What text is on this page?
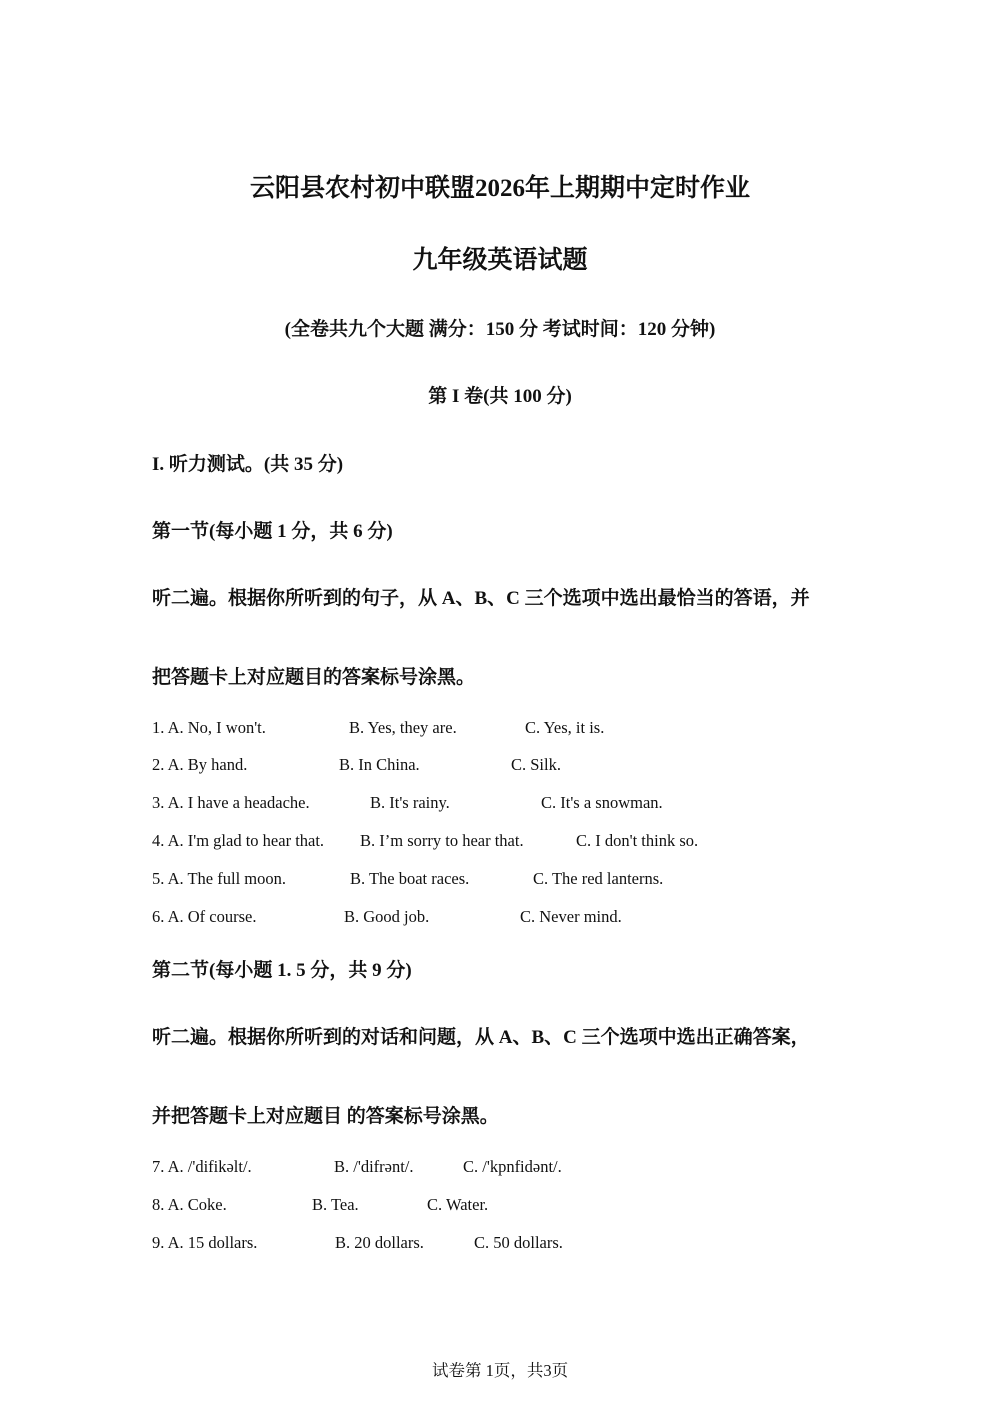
云阳县农村初中联盟2026年上期期中定时作业
九年级英语试题
(全卷共九个大题 满分：150 分 考试时间：120 分钟)
第 I 卷(共 100 分)
I. 听力测试。(共 35 分)
第一节(每小题 1 分，共 6 分)
听二遍。根据你所听到的句子，从 A、B、C 三个选项中选出最恰当的答语，并
把答题卡上对应题目的答案标号涂黑。
1. A. No, I won't.	B. Yes, they are.	C. Yes, it is.
2. A. By hand.	B. In China.	C. Silk.
3. A. I have a headache.	B. It's rainy.	C. It's a snowman.
4. A. I'm glad to hear that. B. I’m sorry to hear that.	C. I don't think so.
5. A. The full moon.	B. The boat races.	C. The red lanterns.
6. A. Of course.	B. Good job.	C. Never mind.
第二节(每小题 1. 5 分，共 9 分)
听二遍。根据你所听到的对话和问题，从 A、B、C 三个选项中选出正确答案，
并把答题卡上对应题目 的答案标号涂黑。
7. A. /'difikəlt/.	B. /'difrənt/.	C. /'kpnfidənt/.
8. A. Coke.	B. Tea.	C. Water.
9. A. 15 dollars.	B. 20 dollars.	C. 50 dollars.
试卷第 1页，共3页
